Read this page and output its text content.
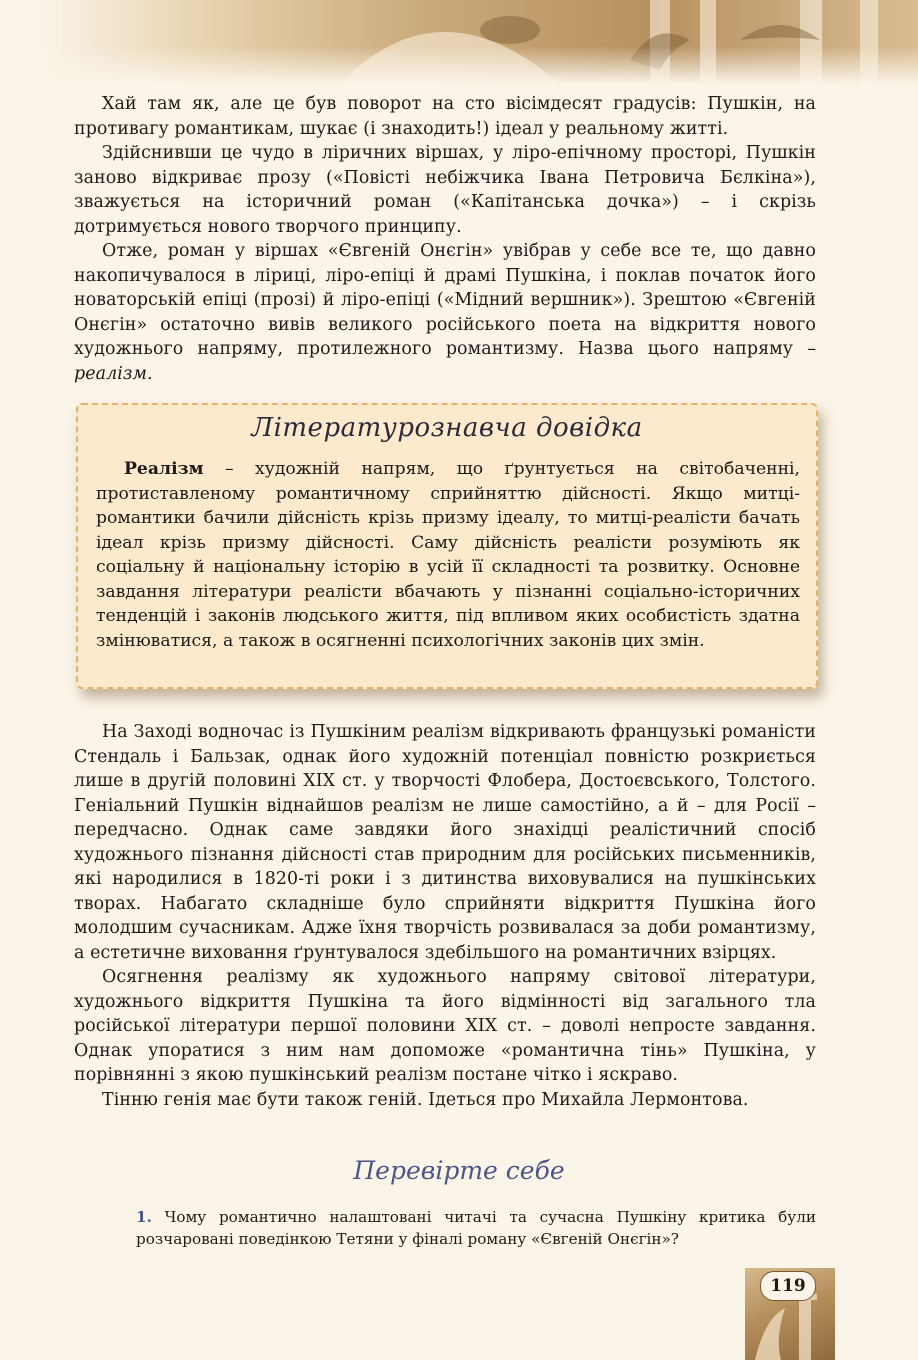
Хай там як, але це був поворот на сто вісімдесят градусів: Пушкін, на противагу романтикам, шукає (і знаходить!) ідеал у реальному житті.

Здійснивши це чудо в ліричних віршах, у ліро-епічному просторі, Пушкін заново відкриває прозу («Повісті небіжчика Івана Петровича Бєлкіна»), зважується на історичний роман («Капітанська дочка») – і скрізь дотримується нового творчого принципу.

Отже, роман у віршах «Євгеній Онєгін» увібрав у себе все те, що давно накопичувалося в ліриці, ліро-епіці й драмі Пушкіна, і поклав початок його новаторській епіці (прозі) й ліро-епіці («Мідний вершник»). Зрештою «Євгеній Онєгін» остаточно вивів великого російського поета на відкриття нового художнього напряму, протилежного романтизму. Назва цього напряму – реалізм.

Літературознавча довідка

Реалізм – художній напрям, що ґрунтується на світобаченні, протиставленому романтичному сприйняттю дійсності. Якщо митці-романтики бачили дійсність крізь призму ідеалу, то митці-реалісти бачать ідеал крізь призму дійсності. Саму дійсність реалісти розуміють як соціальну й національну історію в усій її складності та розвитку. Основне завдання літератури реалісти вбачають у пізнанні соціально-історичних тенденцій і законів людського життя, під впливом яких особистість здатна змінюватися, а також в осягненні психологічних законів цих змін.

На Заході водночас із Пушкіним реалізм відкривають французькі романісти Стендаль і Бальзак, однак його художній потенціал повністю розкриється лише в другій половині XIX ст. у творчості Флобера, Достоєвського, Толстого. Геніальний Пушкін віднайшов реалізм не лише самостійно, а й – для Росії – передчасно. Однак саме завдяки його знахідці реалістичний спосіб художнього пізнання дійсності став природним для російських письменників, які народилися в 1820-ті роки і з дитинства виховувалися на пушкінських творах. Набагато складніше було сприйняти відкриття Пушкіна його молодшим сучасникам. Адже їхня творчість розвивалася за доби романтизму, а естетичне виховання ґрунтувалося здебільшого на романтичних взірцях.

Осягнення реалізму як художнього напряму світової літератури, художнього відкриття Пушкіна та його відмінності від загального тла російської літератури першої половини XIX ст. – доволі непросте завдання. Однак упоратися з ним нам допоможе «романтична тінь» Пушкіна, у порівнянні з якою пушкінський реалізм постане чітко і яскраво.

Тінню генія має бути також геній. Ідеться про Михайла Лермонтова.

Перевірте себе

1. Чому романтично налаштовані читачі та сучасна Пушкіну критика були розчаровані поведінкою Тетяни у фіналі роману «Євгеній Онєгін»?

119
